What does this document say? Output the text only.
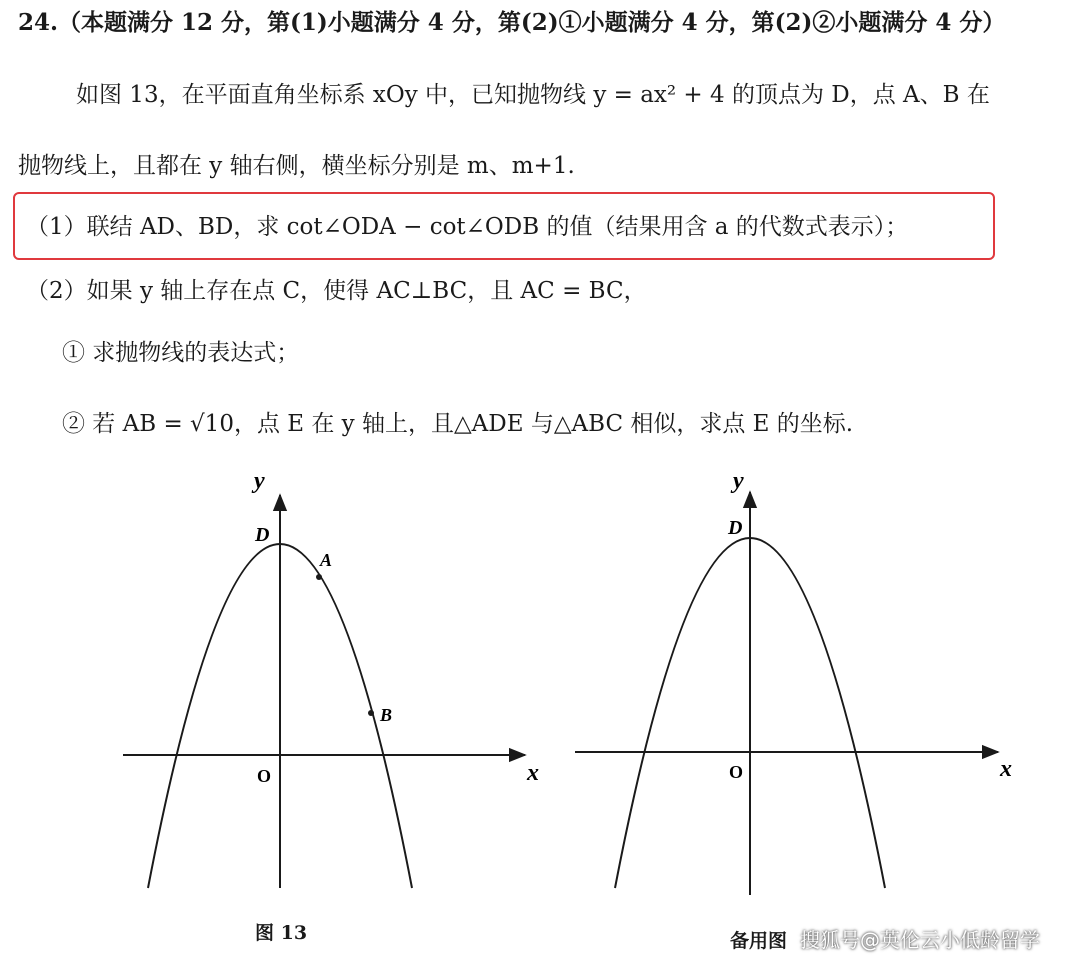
24.（本题满分 12 分，第(1)小题满分 4 分，第(2)①小题满分 4 分，第(2)②小题满分 4 分）
如图 13，在平面直角坐标系 xOy 中，已知抛物线 y = ax² + 4 的顶点为 D，点 A、B 在
抛物线上，且都在 y 轴右侧，横坐标分别是 m、m+1.
（1）联结 AD、BD，求 cot∠ODA − cot∠ODB 的值（结果用含 a 的代数式表示）；
（2）如果 y 轴上存在点 C，使得 AC⊥BC，且 AC = BC，
① 求抛物线的表达式；
② 若 AB = √10，点 E 在 y 轴上，且△ADE 与△ABC 相似，求点 E 的坐标.
y
x
O
D
A
B
y
x
O
D
图 13	备用图 搜狐号@英伦云小低龄留学
